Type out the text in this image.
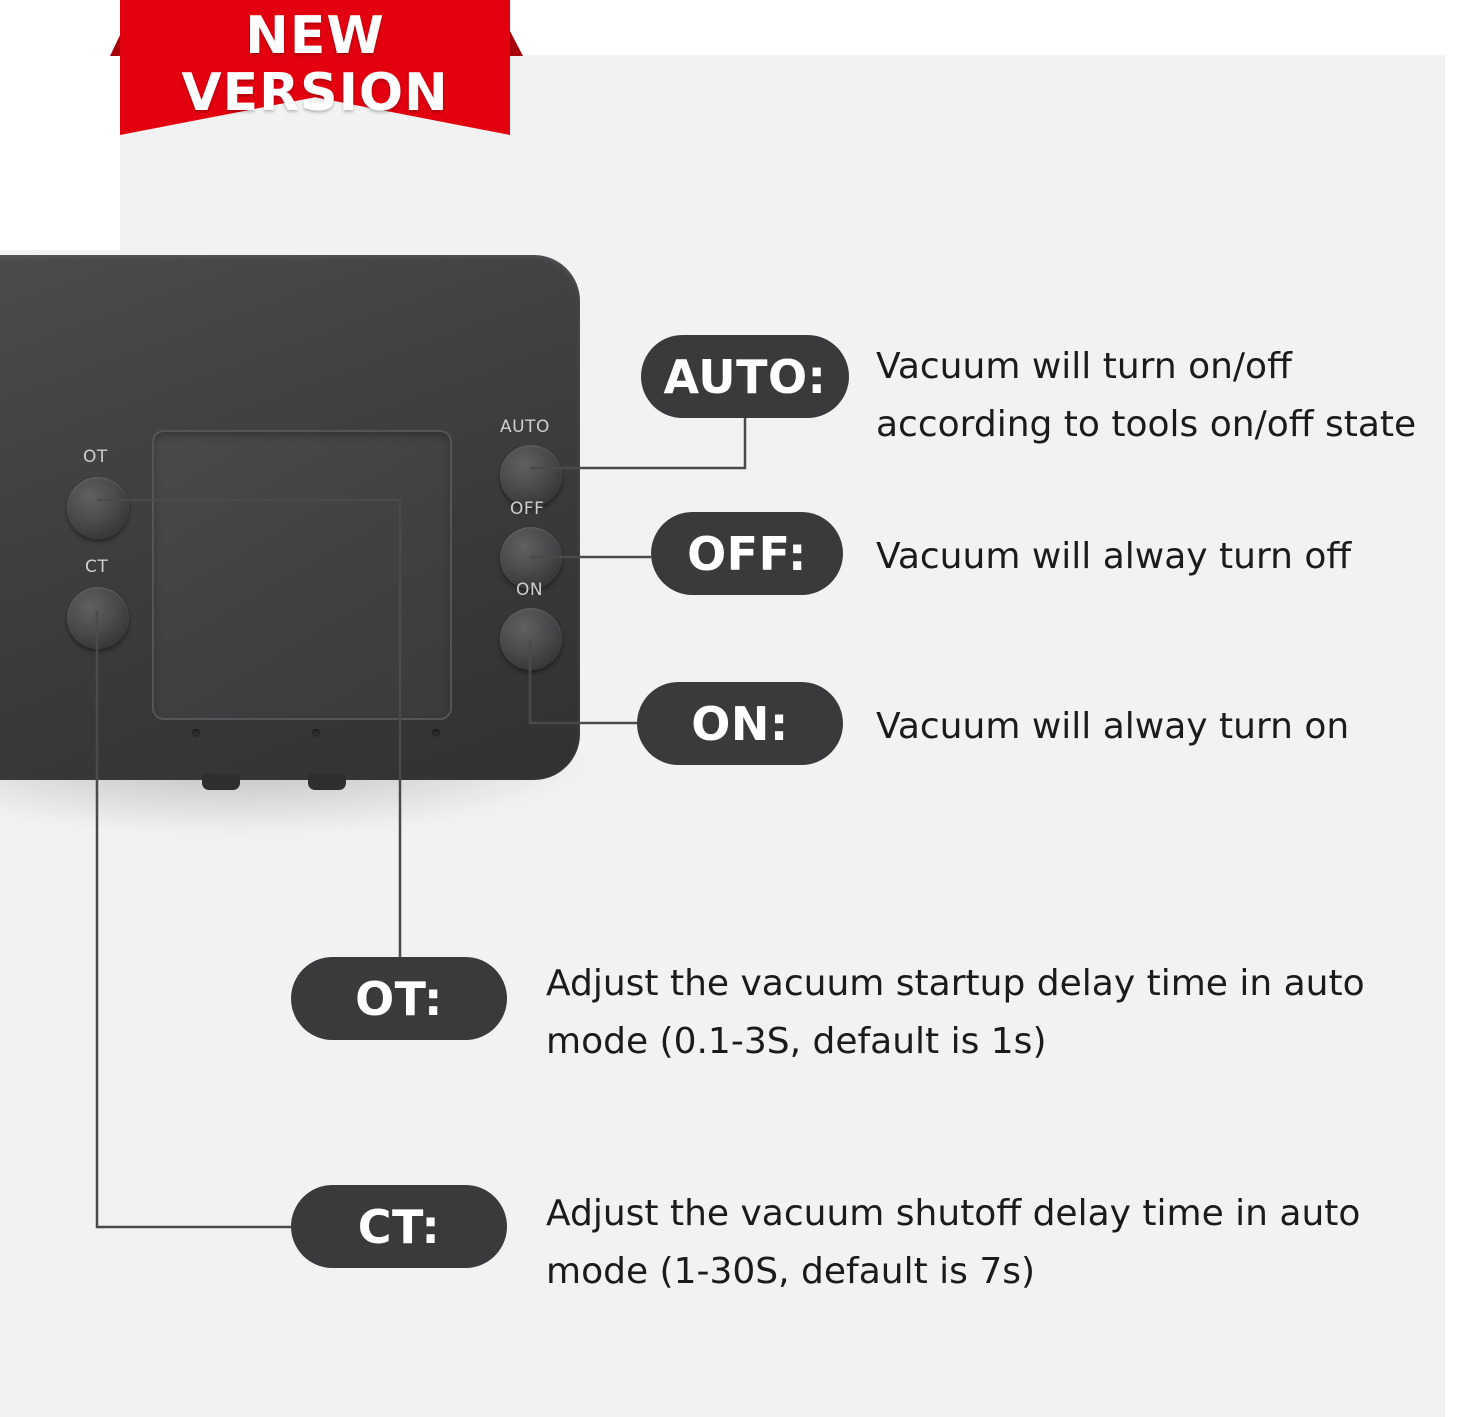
NEW
VERSION
OT
CT
AUTO
OFF
ON
AUTO:	Vacuum will turn on/off according to tools on/off state
OFF:	Vacuum will alway turn off
ON:	Vacuum will alway turn on
OT:	Adjust the vacuum startup delay time in auto mode (0.1-3S, default is 1s)
CT:	Adjust the vacuum shutoff delay time in auto mode (1-30S, default is 7s)
